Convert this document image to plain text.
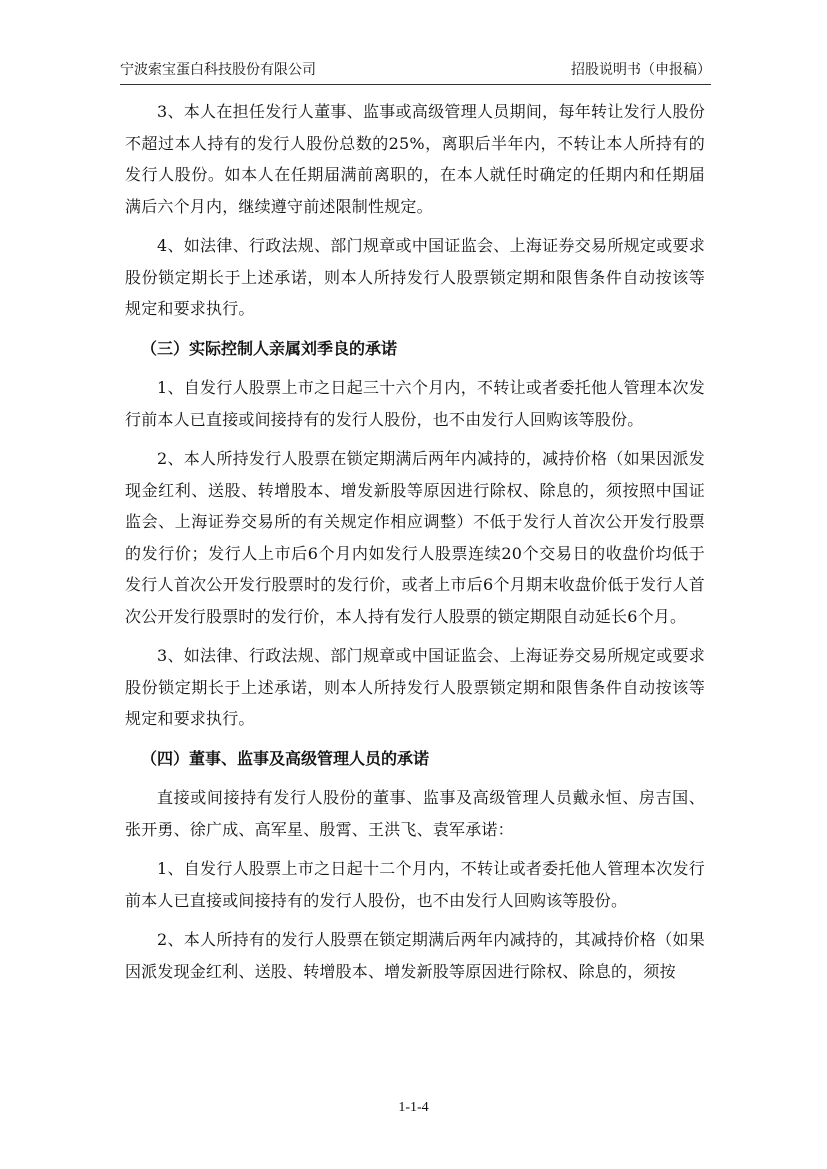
宁波索宝蛋白科技股份有限公司	招股说明书（申报稿）

3、本人在担任发行人董事、监事或高级管理人员期间，每年转让发行人股份不超过本人持有的发行人股份总数的25%，离职后半年内，不转让本人所持有的发行人股份。如本人在任期届满前离职的，在本人就任时确定的任期内和任期届满后六个月内，继续遵守前述限制性规定。

4、如法律、行政法规、部门规章或中国证监会、上海证券交易所规定或要求股份锁定期长于上述承诺，则本人所持发行人股票锁定期和限售条件自动按该等规定和要求执行。

（三）实际控制人亲属刘季良的承诺

1、自发行人股票上市之日起三十六个月内，不转让或者委托他人管理本次发行前本人已直接或间接持有的发行人股份，也不由发行人回购该等股份。

2、本人所持发行人股票在锁定期满后两年内减持的，减持价格（如果因派发现金红利、送股、转增股本、增发新股等原因进行除权、除息的，须按照中国证监会、上海证券交易所的有关规定作相应调整）不低于发行人首次公开发行股票的发行价；发行人上市后6个月内如发行人股票连续20个交易日的收盘价均低于发行人首次公开发行股票时的发行价，或者上市后6个月期末收盘价低于发行人首次公开发行股票时的发行价，本人持有发行人股票的锁定期限自动延长6个月。

3、如法律、行政法规、部门规章或中国证监会、上海证券交易所规定或要求股份锁定期长于上述承诺，则本人所持发行人股票锁定期和限售条件自动按该等规定和要求执行。

（四）董事、监事及高级管理人员的承诺

直接或间接持有发行人股份的董事、监事及高级管理人员戴永恒、房吉国、张开勇、徐广成、高军星、殷霄、王洪飞、袁军承诺：

1、自发行人股票上市之日起十二个月内，不转让或者委托他人管理本次发行前本人已直接或间接持有的发行人股份，也不由发行人回购该等股份。

2、本人所持有的发行人股票在锁定期满后两年内减持的，其减持价格（如果因派发现金红利、送股、转增股本、增发新股等原因进行除权、除息的，须按

1-1-4
